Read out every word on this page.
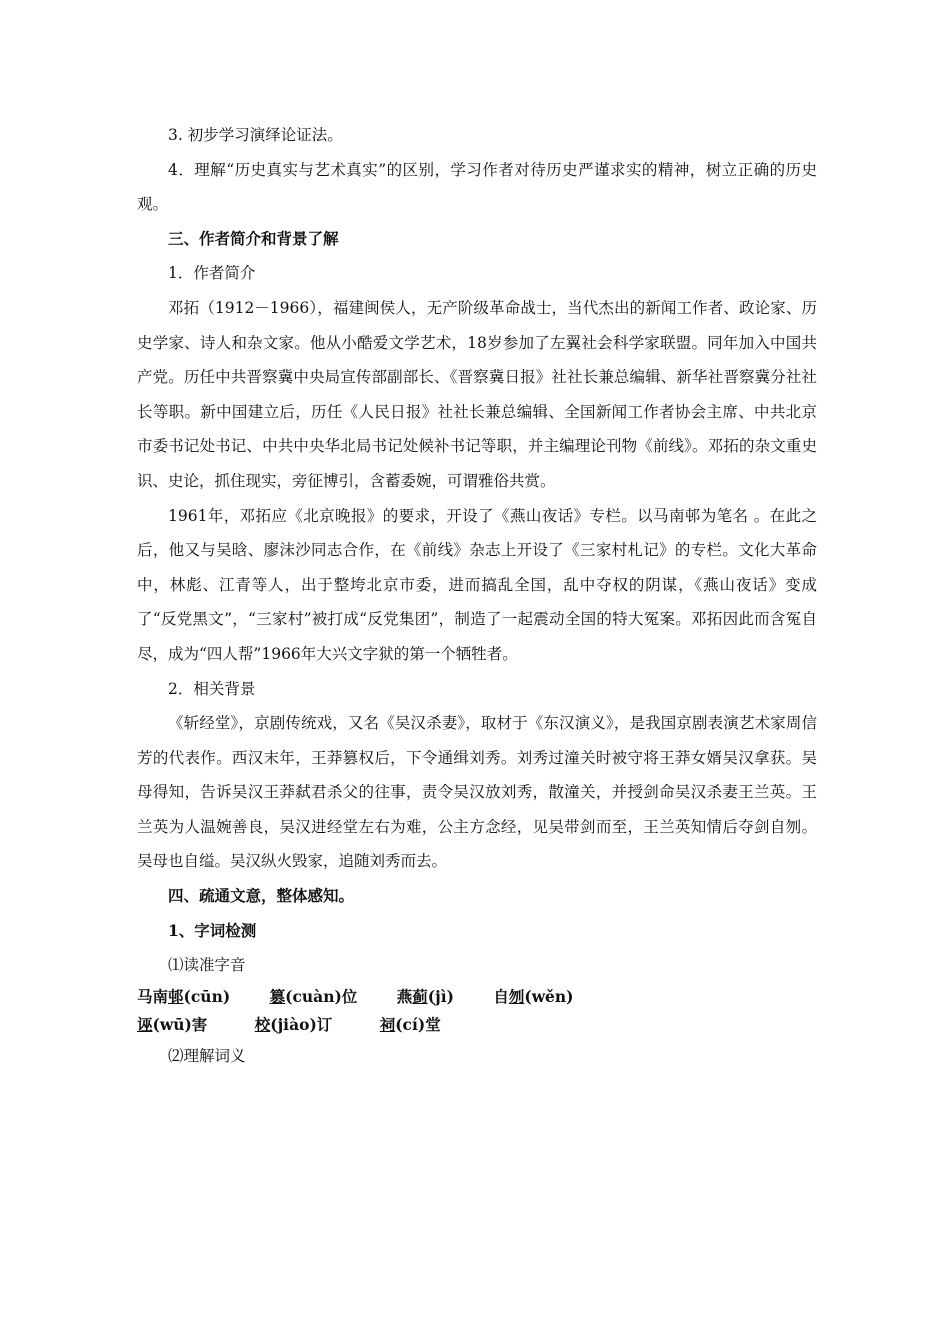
3. 初步学习演绎论证法。

4．理解“历史真实与艺术真实”的区别，学习作者对待历史严谨求实的精神，树立正确的历史观。

三、作者简介和背景了解

1．作者简介

邓拓（1912－1966），福建闽侯人，无产阶级革命战士，当代杰出的新闻工作者、政论家、历史学家、诗人和杂文家。他从小酷爱文学艺术，18岁参加了左翼社会科学家联盟。同年加入中国共产党。历任中共晋察冀中央局宣传部副部长、《晋察冀日报》社社长兼总编辑、新华社晋察冀分社社长等职。新中国建立后，历任《人民日报》社社长兼总编辑、全国新闻工作者协会主席、中共北京市委书记处书记、中共中央华北局书记处候补书记等职，并主编理论刊物《前线》。邓拓的杂文重史识、史论，抓住现实，旁征博引，含蓄委婉，可谓雅俗共赏。

1961年，邓拓应《北京晚报》的要求，开设了《燕山夜话》专栏。以马南邨为笔名 。在此之后，他又与吴晗、廖沫沙同志合作，在《前线》杂志上开设了《三家村札记》的专栏。文化大革命中，林彪、江青等人，出于整垮北京市委，进而搞乱全国，乱中夺权的阴谋，《燕山夜话》变成了“反党黑文”，“三家村”被打成“反党集团”，制造了一起震动全国的特大冤案。邓拓因此而含冤自尽，成为“四人帮”1966年大兴文字狱的第一个牺牲者。

2．相关背景

《斩经堂》，京剧传统戏，又名《吴汉杀妻》，取材于《东汉演义》，是我国京剧表演艺术家周信芳的代表作。西汉末年，王莽篡权后，下令通缉刘秀。刘秀过潼关时被守将王莽女婿吴汉拿获。吴母得知，告诉吴汉王莽弑君杀父的往事，责令吴汉放刘秀，散潼关，并授剑命吴汉杀妻王兰英。王兰英为人温婉善良，吴汉进经堂左右为难，公主方念经，见吴带剑而至，王兰英知情后夺剑自刎。吴母也自缢。吴汉纵火毁家，追随刘秀而去。

四、疏通文意，整体感知。

1、字词检测

⑴读准字音

马南邨(cūn)	篡(cuàn)位	燕蓟(jì)	自刎(wěn)
诬(wū)害	校(jiào)订	祠(cí)堂

⑵理解词义
